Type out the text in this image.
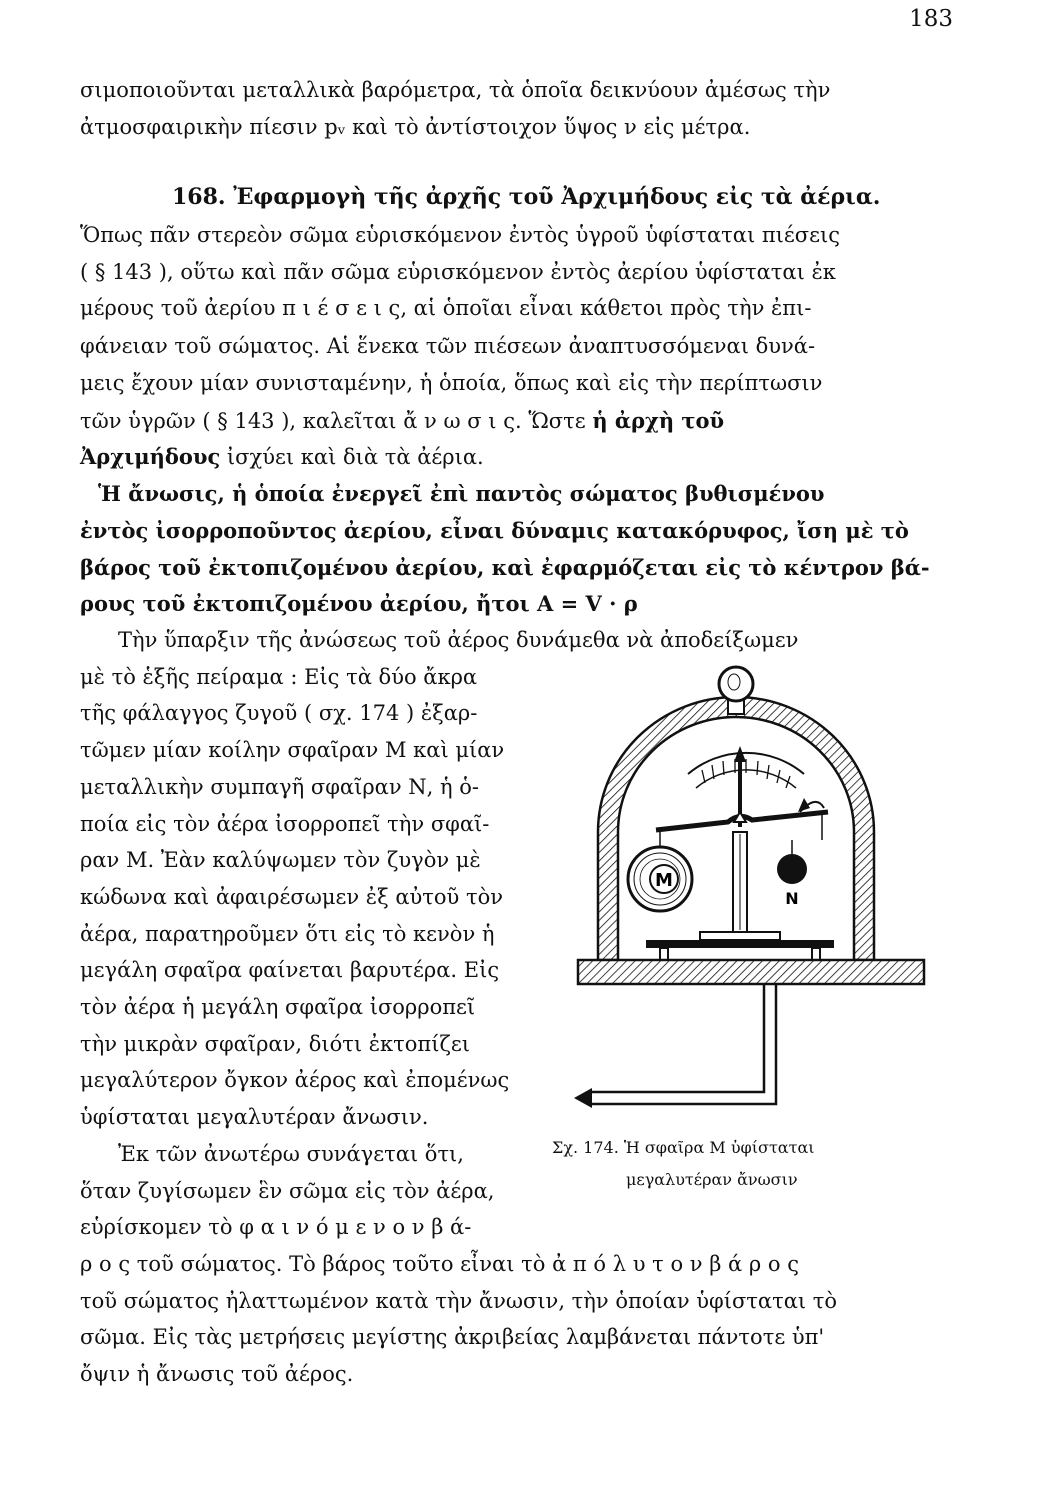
183
σιμοποιοῦνται μεταλλικὰ βαρόμετρα, τὰ ὁποῖα δεικνύουν ἀμέσως τὴν
ἀτμοσφαιρικὴν πίεσιν pᵥ καὶ τὸ ἀντίστοιχον ὕψος ν εἰς μέτρα.
168. Ἐφαρμογὴ τῆς ἀρχῆς τοῦ Ἀρχιμήδους εἰς τὰ ἀέρια.
Ὅπως πᾶν στερεὸν σῶμα εὑρισκόμενον ἐντὸς ὑγροῦ ὑφίσταται πιέσεις
( § 143 ), οὕτω καὶ πᾶν σῶμα εὑρισκόμενον ἐντὸς ἀερίου ὑφίσταται ἐκ
μέρους τοῦ ἀερίου π ι έ σ ε ι ς, αἱ ὁποῖαι εἶναι κάθετοι πρὸς τὴν ἐπι-
φάνειαν τοῦ σώματος. Αἱ ἕνεκα τῶν πιέσεων ἀναπτυσσόμεναι δυνά-
μεις ἔχουν μίαν συνισταμένην, ἡ ὁποία, ὅπως καὶ εἰς τὴν περίπτωσιν
τῶν ὑγρῶν ( § 143 ), καλεῖται ἄ ν ω σ ι ς. Ὥστε ἡ ἀρχὴ τοῦ
Ἀρχιμήδους ἰσχύει καὶ διὰ τὰ ἀέρια.
Ἡ ἄνωσις, ἡ ὁποία ἐνεργεῖ ἐπὶ παντὸς σώματος βυθισμένου
ἐντὸς ἰσορροποῦντος ἀερίου, εἶναι δύναμις κατακόρυφος, ἴση μὲ τὸ
βάρος τοῦ ἐκτοπιζομένου ἀερίου, καὶ ἐφαρμόζεται εἰς τὸ κέντρον βά-
ρους τοῦ ἐκτοπιζομένου ἀερίου, ἤτοι Α = V · ρ
Τὴν ὕπαρξιν τῆς ἀνώσεως τοῦ ἀέρος δυνάμεθα νὰ ἀποδείξωμεν
μὲ τὸ ἑξῆς πείραμα : Εἰς τὰ δύο ἄκρα
τῆς φάλαγγος ζυγοῦ ( σχ. 174 ) ἐξαρ-
τῶμεν μίαν κοίλην σφαῖραν Μ καὶ μίαν
μεταλλικὴν συμπαγῆ σφαῖραν Ν, ἡ ὁ-
ποία εἰς τὸν ἀέρα ἰσορροπεῖ τὴν σφαῖ-
ραν Μ. Ἐὰν καλύψωμεν τὸν ζυγὸν μὲ
κώδωνα καὶ ἀφαιρέσωμεν ἐξ αὐτοῦ τὸν
ἀέρα, παρατηροῦμεν ὅτι εἰς τὸ κενὸν ἡ
μεγάλη σφαῖρα φαίνεται βαρυτέρα. Εἰς
τὸν ἀέρα ἡ μεγάλη σφαῖρα ἰσορροπεῖ
τὴν μικρὰν σφαῖραν, διότι ἐκτοπίζει
μεγαλύτερον ὄγκον ἀέρος καὶ ἐπομένως
ὑφίσταται μεγαλυτέραν ἄνωσιν.
Ἐκ τῶν ἀνωτέρω συνάγεται ὅτι,
ὅταν ζυγίσωμεν ἓν σῶμα εἰς τὸν ἀέρα,
εὑρίσκομεν τὸ φ α ι ν ό μ ε ν ο ν β ά-
ρ ο ς τοῦ σώματος. Τὸ βάρος τοῦτο εἶναι τὸ ἀ π ό λ υ τ ο ν β ά ρ ο ς
τοῦ σώματος ἠλαττωμένον κατὰ τὴν ἄνωσιν, τὴν ὁποίαν ὑφίσταται τὸ
σῶμα. Εἰς τὰς μετρήσεις μεγίστης ἀκριβείας λαμβάνεται πάντοτε ὑπ'
ὄψιν ἡ ἄνωσις τοῦ ἀέρος.
M
N
Σχ. 174. Ἡ σφαῖρα Μ ὑφίσταται
μεγαλυτέραν ἄνωσιν
